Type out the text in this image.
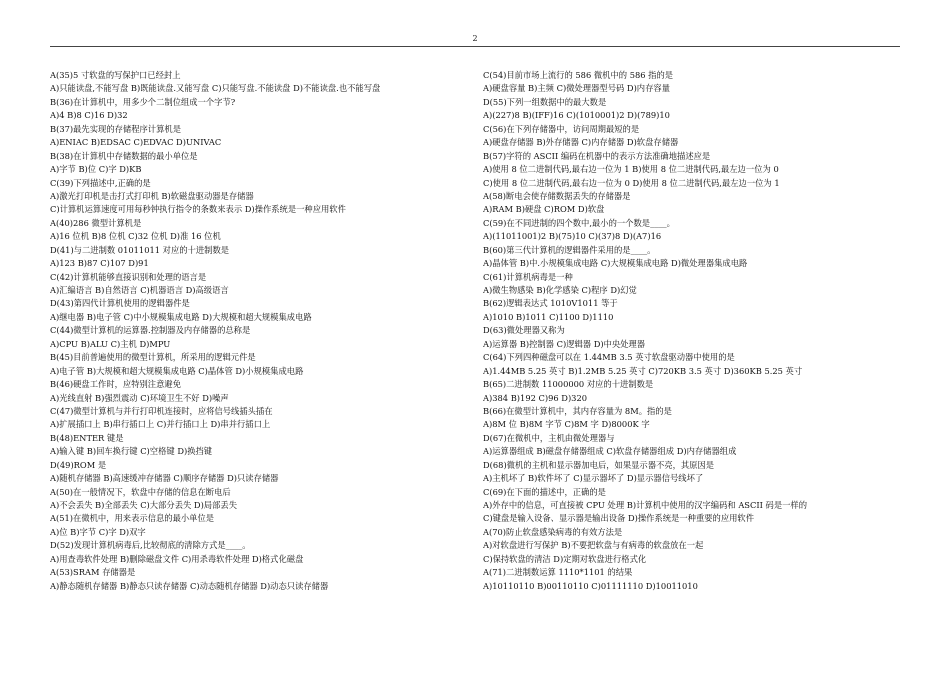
2
A(35)5 寸软盘的写保护口已经封上
A)只能读盘,不能写盘 B)既能读盘.又能写盘 C)只能写盘.不能读盘 D)不能读盘.也不能写盘
B(36)在计算机中，用多少个二制位组成一个字节?
A)4 B)8 C)16 D)32
B(37)最先实现的存储程序计算机是
A)ENIAC B)EDSAC C)EDVAC D)UNIVAC
B(38)在计算机中存储数据的最小单位是
A)字节 B)位 C)字 D)KB
C(39)下列描述中,正确的是
A)激光打印机是击打式打印机 B)软磁盘驱动器是存储器
C)计算机运算速度可用每秒钟执行指令的条数来表示 D)操作系统是一种应用软件
A(40)286 微型计算机是
A)16 位机 B)8 位机 C)32 位机 D)准 16 位机
D(41)与二进制数 01011011 对应的十进制数是
A)123 B)87 C)107 D)91
C(42)计算机能够直接识别和处理的语言是
A)汇编语言 B)自然语言 C)机器语言 D)高级语言
D(43)第四代计算机使用的逻辑器件是
A)继电器 B)电子管 C)中小规模集成电路 D)大规模和超大规模集成电路
C(44)微型计算机的运算器.控制器及内存储器的总称是
A)CPU B)ALU C)主机 D)MPU
B(45)目前普遍使用的微型计算机，所采用的逻辑元件是
A)电子管 B)大规模和超大规模集成电路 C)晶体管 D)小规模集成电路
B(46)硬盘工作时，应特别注意避免
A)光线直射 B)强烈震动 C)环境卫生不好 D)噪声
C(47)微型计算机与并行打印机连接时，应将信号线插头插在
A)扩展插口上 B)串行插口上 C)并行插口上 D)串并行插口上
B(48)ENTER 键是
A)输入键 B)回车换行键 C)空格键 D)换挡键
D(49)ROM 是
A)随机存储器 B)高速缓冲存储器 C)顺序存储器 D)只读存储器
A(50)在一般情况下，软盘中存储的信息在断电后
A)不会丢失 B)全部丢失 C)大部分丢失 D)局部丢失
A(51)在微机中，用来表示信息的最小单位是
A)位 B)字节 C)字 D)双字
D(52)发现计算机病毒后,比较彻底的清除方式是____。
A)用查毒软件处理 B)删除磁盘文件 C)用杀毒软件处理 D)格式化磁盘
A(53)SRAM 存储器是
A)静态随机存储器 B)静态只读存储器 C)动态随机存储器 D)动态只读存储器
C(54)目前市场上流行的 586 微机中的 586 指的是
A)硬盘容量 B)主频 C)微处理器型号码 D)内存容量
D(55)下列一组数据中的最大数是
A)(227)8 B)(IFF)16 C)(1010001)2 D)(789)10
C(56)在下列存储器中，访问周期最短的是
A)硬盘存储器 B)外存储器 C)内存储器 D)软盘存储器
B(57)字符的 ASCII 编码在机器中的表示方法准确地描述应是
A)使用 8 位二进制代码,最右边一位为 1 B)使用 8 位二进制代码,最左边一位为 0
C)使用 8 位二进制代码,最右边一位为 0 D)使用 8 位二进制代码,最左边一位为 1
A(58)断电会使存储数据丢失的存储器是
A)RAM B)硬盘 C)ROM D)软盘
C(59)在不同进制的四个数中,最小的一个数是____。
A)(11011001)2 B)(75)10 C)(37)8 D)(A7)16
B(60)第三代计算机的逻辑器件采用的是____。
A)晶体管 B)中.小规模集成电路 C)大规模集成电路 D)微处理器集成电路
C(61)计算机病毒是一种
A)微生物感染 B)化学感染 C)程序 D)幻觉
B(62)逻辑表达式 1010V1011 等于
A)1010 B)1011 C)1100 D)1110
D(63)微处理器又称为
A)运算器 B)控制器 C)逻辑器 D)中央处理器
C(64)下列四种磁盘可以在 1.44MB 3.5 英寸软盘驱动器中使用的是
A)1.44MB 5.25 英寸 B)1.2MB 5.25 英寸 C)720KB 3.5 英寸 D)360KB 5.25 英寸
B(65)二进制数 11000000 对应的十进制数是
A)384 B)192 C)96 D)320
B(66)在微型计算机中，其内存容量为 8M。指的是
A)8M 位 B)8M 字节 C)8M 字 D)8000K 字
D(67)在微机中，主机由微处理器与
A)运算器组成 B)磁盘存储器组成 C)软盘存储器组成 D)内存储器组成
D(68)微机的主机和显示器加电后，如果显示器不亮，其原因是
A)主机坏了 B)软件坏了 C)显示器坏了 D)显示器信号线坏了
C(69)在下面的描述中，正确的是
A)外存中的信息，可直接被 CPU 处理 B)计算机中使用的汉字编码和 ASCII 码是一样的
C)键盘是输入设备、显示器是输出设备 D)操作系统是一种重要的应用软件
A(70)防止软盘感染病毒的有效方法是
A)对软盘进行写保护 B)不要把软盘与有病毒的软盘放在一起
C)保持软盘的清洁 D)定期对软盘进行格式化
A(71)二进制数运算 1110*1101 的结果
A)10110110 B)00110110 C)01111110 D)10011010
